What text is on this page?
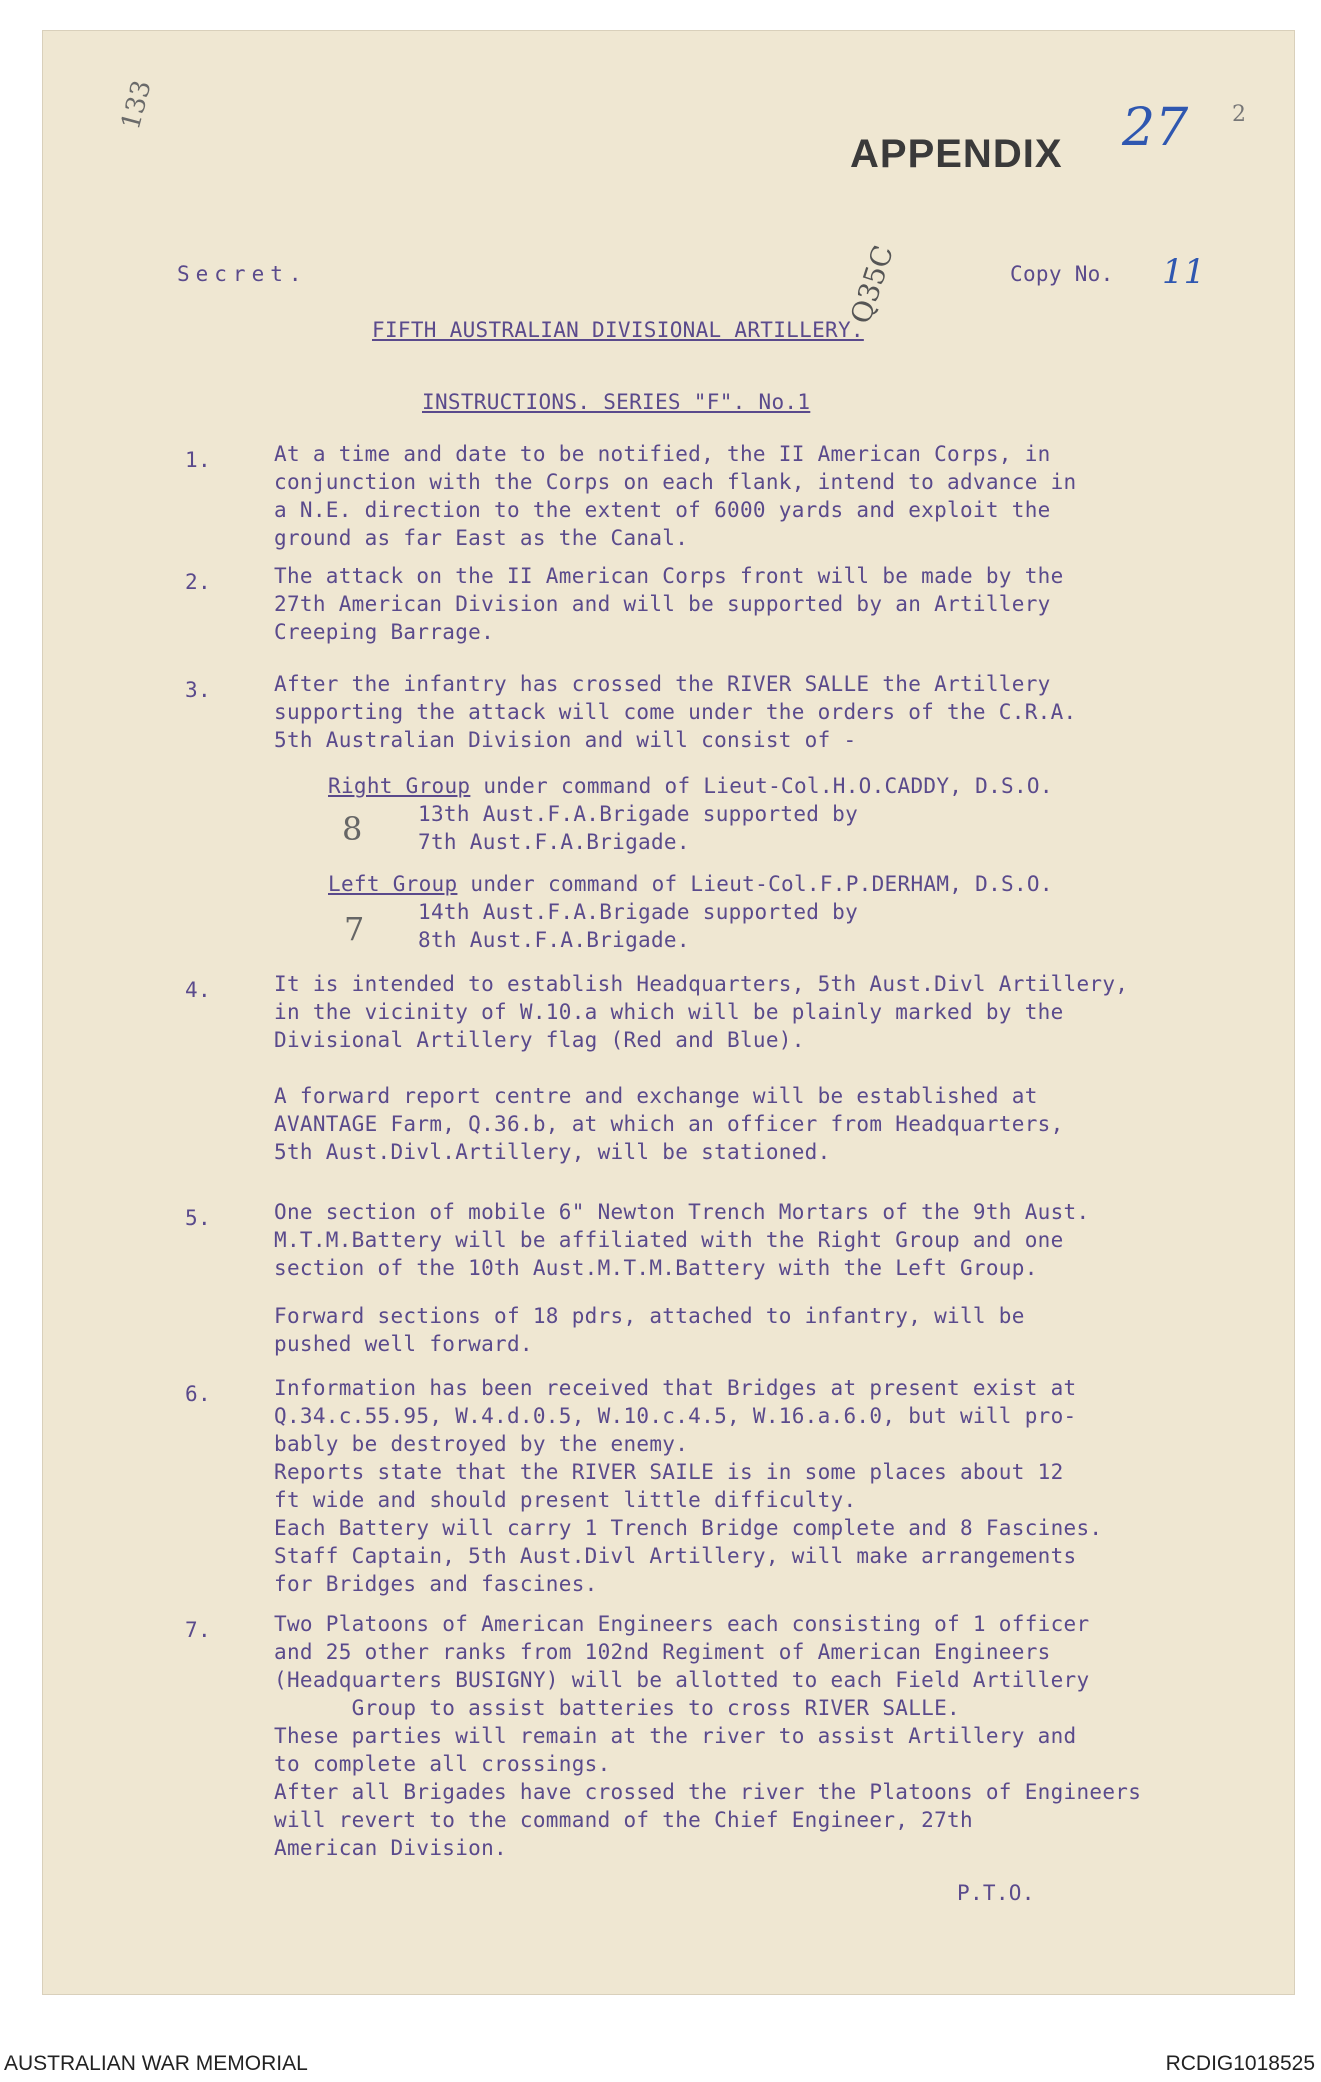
133
APPENDIX 27 2
Q35C	11

Secret.	Copy No.

FIFTH AUSTRALIAN DIVISIONAL ARTILLERY.

INSTRUCTIONS. SERIES "F". No.1

1.	At a time and date to be notified, the II American Corps, in
conjunction with the Corps on each flank, intend to advance in
a N.E. direction to the extent of 6000 yards and exploit the
ground as far East as the Canal.
2.	The attack on the II American Corps front will be made by the
27th American Division and will be supported by an Artillery
Creeping Barrage.
3.	After the infantry has crossed the RIVER SALLE the Artillery
supporting the attack will come under the orders of the C.R.A.
5th Australian Division and will consist of -
Right Group under command of Lieut-Col.H.O.CADDY, D.S.O.
13th Aust.F.A.Brigade supported by
7th Aust.F.A.Brigade.
8
Left Group under command of Lieut-Col.F.P.DERHAM, D.S.O.
14th Aust.F.A.Brigade supported by
8th Aust.F.A.Brigade.
7
4.	It is intended to establish Headquarters, 5th Aust.Divl Artillery,
in the vicinity of W.10.a which will be plainly marked by the
Divisional Artillery flag (Red and Blue).
A forward report centre and exchange will be established at
AVANTAGE Farm, Q.36.b, at which an officer from Headquarters,
5th Aust.Divl.Artillery, will be stationed.
5.	One section of mobile 6" Newton Trench Mortars of the 9th Aust.
M.T.M.Battery will be affiliated with the Right Group and one
section of the 10th Aust.M.T.M.Battery with the Left Group.
Forward sections of 18 pdrs, attached to infantry, will be
pushed well forward.
6.	Information has been received that Bridges at present exist at
Q.34.c.55.95, W.4.d.0.5, W.10.c.4.5, W.16.a.6.0, but will pro-
bably be destroyed by the enemy.
Reports state that the RIVER SAILE is in some places about 12
ft wide and should present little difficulty.
Each Battery will carry 1 Trench Bridge complete and 8 Fascines.
Staff Captain, 5th Aust.Divl Artillery, will make arrangements
for Bridges and fascines.
7.	Two Platoons of American Engineers each consisting of 1 officer
and 25 other ranks from 102nd Regiment of American Engineers
(Headquarters BUSIGNY) will be allotted to each Field Artillery
Group to assist batteries to cross RIVER SALLE.
These parties will remain at the river to assist Artillery and
to complete all crossings.
After all Brigades have crossed the river the Platoons of Engineers
will revert to the command of the Chief Engineer, 27th
American Division.

P.T.O.

AUSTRALIAN WAR MEMORIAL	RCDIG1018525
